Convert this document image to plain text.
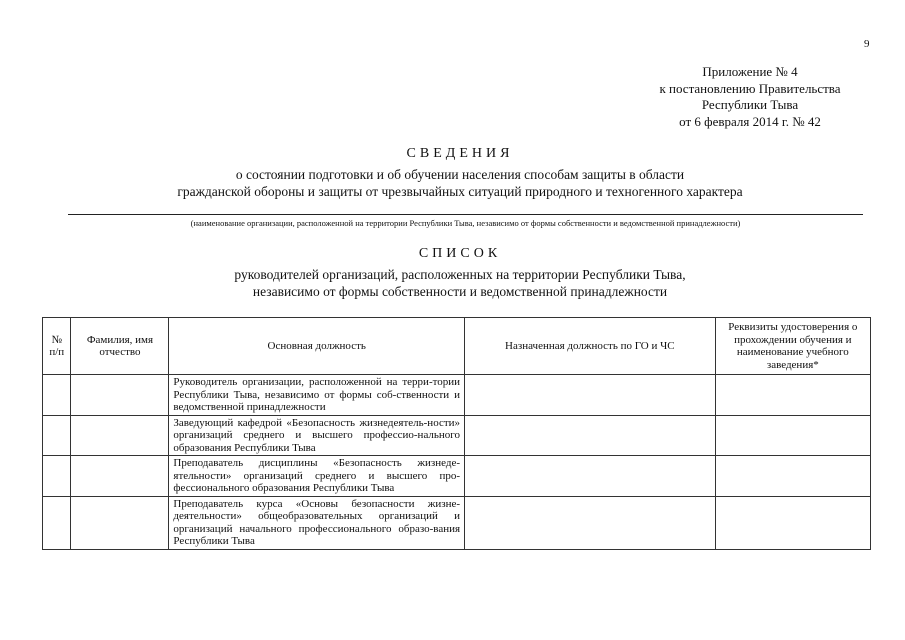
9
Приложение № 4
к постановлению Правительства
Республики Тыва
от 6 февраля 2014 г. № 42
СВЕДЕНИЯ
о состоянии подготовки и об обучении населения способам защиты в области
гражданской обороны и защиты от чрезвычайных ситуаций природного и техногенного характера
(наименование организации, расположенной на территории Республики Тыва, независимо от формы собственности и ведомственной принадлежности)
СПИСОК
руководителей организаций, расположенных на территории Республики Тыва,
независимо от формы собственности и ведомственной принадлежности
№ п/п	Фамилия, имя отчество	Основная должность	Назначенная должность по ГО и ЧС	Реквизиты удостоверения о прохождении обучения и наименование учебного заведения*
		Руководитель организации, расположенной на терри-тории Республики Тыва, независимо от формы соб-ственности и ведомственной принадлежности		
		Заведующий кафедрой «Безопасность жизнедеятель-ности» организаций среднего и высшего профессио-нального образования Республики Тыва		
		Преподаватель дисциплины «Безопасность жизнеде-ятельности» организаций среднего и высшего про-фессионального образования Республики Тыва		
		Преподаватель курса «Основы безопасности жизне-деятельности» общеобразовательных организаций и организаций начального профессионального образо-вания Республики Тыва		
